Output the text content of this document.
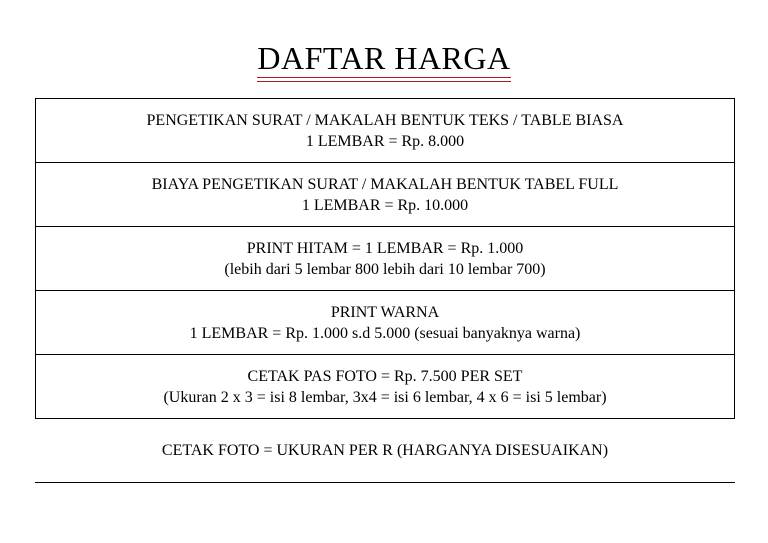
DAFTAR HARGA
PENGETIKAN SURAT / MAKALAH BENTUK TEKS / TABLE BIASA
1 LEMBAR = Rp. 8.000
BIAYA PENGETIKAN SURAT / MAKALAH BENTUK TABEL FULL
1 LEMBAR = Rp. 10.000
PRINT HITAM = 1 LEMBAR = Rp. 1.000
(lebih dari 5 lembar 800 lebih dari 10 lembar 700)
PRINT WARNA
1 LEMBAR = Rp. 1.000 s.d 5.000 (sesuai banyaknya warna)
CETAK PAS FOTO = Rp. 7.500 PER SET
(Ukuran 2 x 3 = isi 8 lembar, 3x4 = isi 6 lembar, 4 x 6 = isi 5 lembar)
CETAK FOTO = UKURAN PER R (HARGANYA DISESUAIKAN)
